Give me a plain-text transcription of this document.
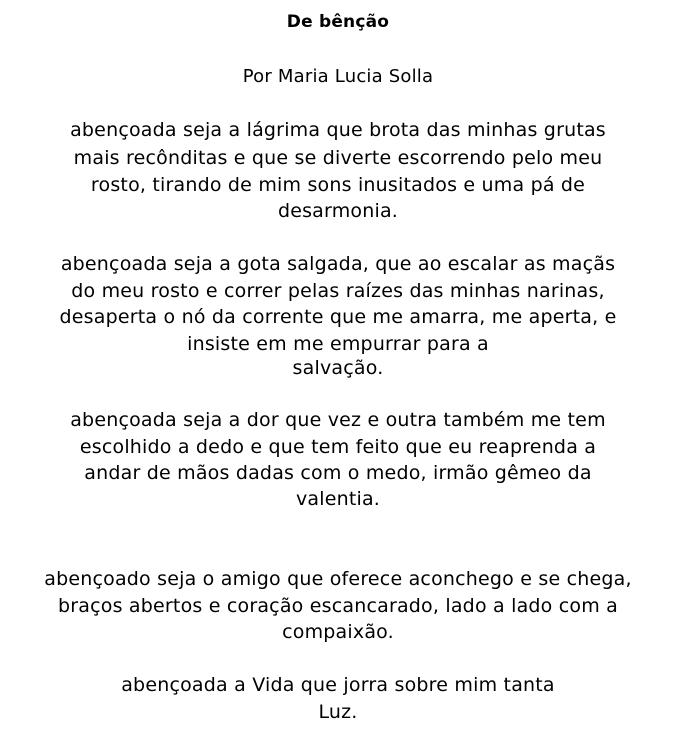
De bênção
Por Maria Lucia Solla
abençoada seja a lágrima que brota das minhas grutas
mais recônditas e que se diverte escorrendo pelo meu
rosto, tirando de mim sons inusitados e uma pá de
desarmonia.
abençoada seja a gota salgada, que ao escalar as maçãs
do meu rosto e correr pelas raízes das minhas narinas,
desaperta o nó da corrente que me amarra, me aperta, e
insiste em me empurrar para a
salvação.
abençoada seja a dor que vez e outra também me tem
escolhido a dedo e que tem feito que eu reaprenda a
andar de mãos dadas com o medo, irmão gêmeo da
valentia.
abençoado seja o amigo que oferece aconchego e se chega,
braços abertos e coração escancarado, lado a lado com a
compaixão.
abençoada a Vida que jorra sobre mim tanta
Luz.
